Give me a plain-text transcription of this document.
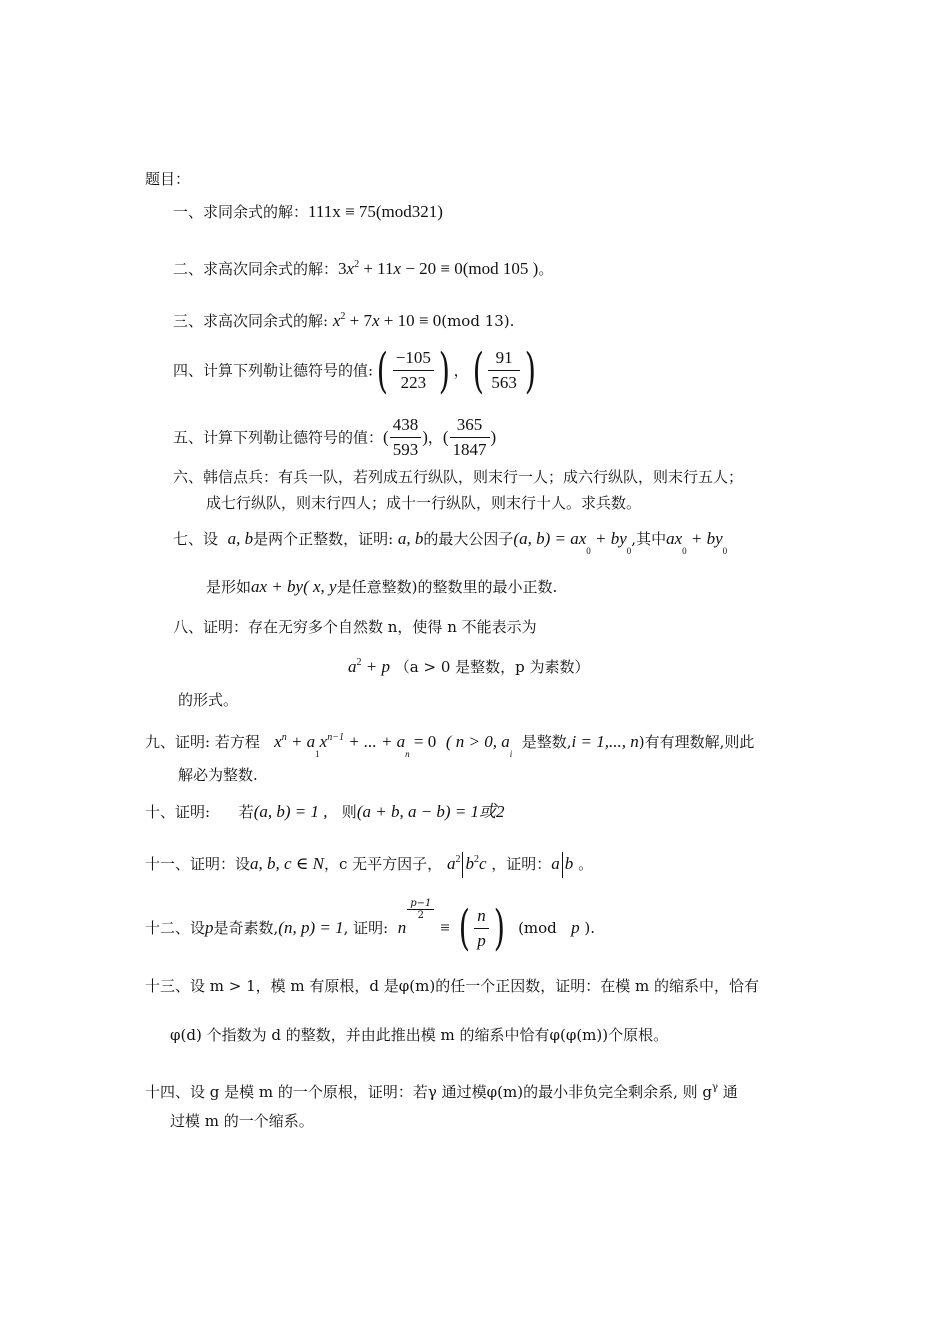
题目：
一、求同余式的解：111x ≡ 75(mod321)
二、求高次同余式的解：$3x^2 + 11x - 20 \equiv 0(mod$ 105 )。
三、求高次同余式的解: $x^2 + 7x + 10 \equiv 0(mod$ 13).
四、计算下列勒让德符号的值:( $\frac{-105}{223}$ ) ，( $\frac{91}{563}$ )
五、计算下列勒让德符号的值：( $\frac{438}{593}$ )，( $\frac{365}{1847}$ )
六、韩信点兵：有兵一队，若列成五行纵队，则末行一人；成六行纵队，则末行五人；
成七行纵队，则末行四人；成十一行纵队，则末行十人。求兵数。
七、设 a, b是两个正整数，证明: a, b的最大公因子(a, $b) = ax_0 + by_0$,其中$ax_0 + by_0$
是形如ax + by( x, y是任意整数)的整数里的最小正数.
八、证明：存在无穷多个自然数 n，使得 n 不能表示为
$a^2 + p$ （a > 0 是整数，p 为素数）
的形式。
九、证明: 若方程 $x^n + a_1x^{n-1}$ + ... + $a_n = 0$ ( n > 0, $a_i$  是整数,i = 1,..., n)有有理数解,则此
解必为整数.
十、证明: 若(a, b) = 1 , 则(a + b, a − b) = 1或2
十一、证明：设a, b, c ∈ N，c 无平方因子， $a^2$ $b^2c$ ，证明：a b 。
十二、设p是奇素数,(n, p) = 1, 证明: n
$\frac{p-1}{2}$
≡ ( $\frac{n}{p}$ ) (mod p ).
十三、设 m > 1，模 m 有原根，d 是φ(m)的任一个正因数，证明：在模 m 的缩系中，恰有
φ(d) 个指数为 d 的整数，并由此推出模 m 的缩系中恰有φ(φ(m))个原根。
十四、设 g 是模 m 的一个原根，证明：若γ 通过模φ(m)的最小非负完全剩余系, 则 $g^\gamma$ 通
过模 m 的一个缩系。
